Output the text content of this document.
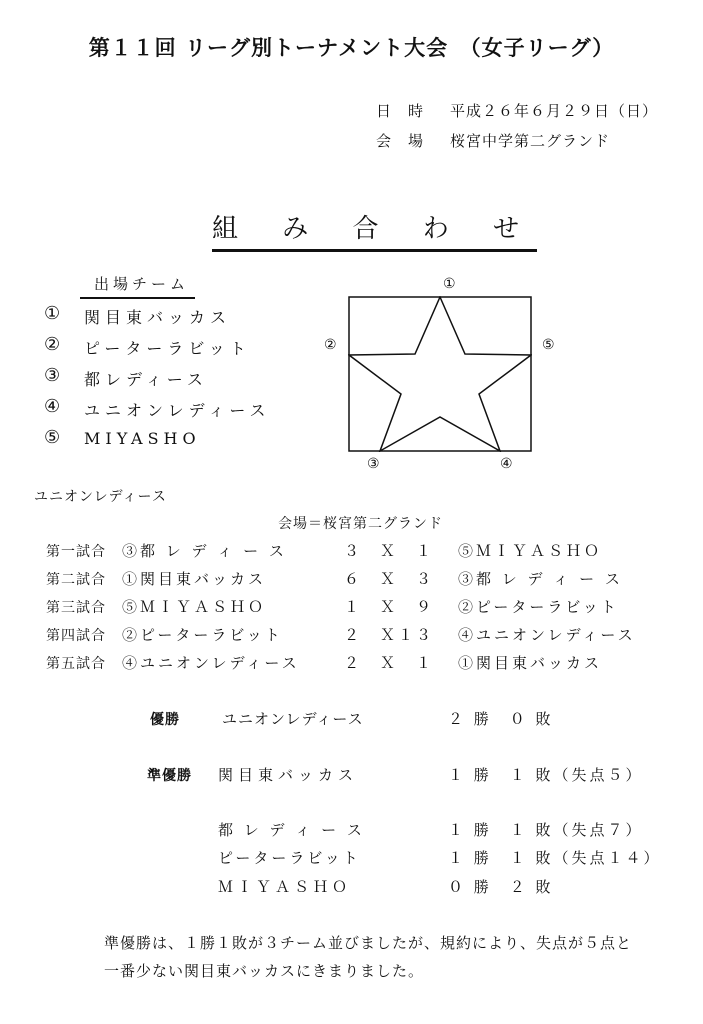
第１１回 リーグ別トーナメント大会　（女子リーグ）
日　時 平成２６年６月２９日（日）
会　場 桜宮中学第二グランド
組 み 合 わ せ
出場チーム
① 関目東バッカス
② ピーターラビット
③ 都レディース
④ ユニオンレディース
⑤ MIYASHO
①
②	⑤
③	④
ユニオンレディース
会場＝桜宮第二グランド
第一試合 ③都 レ デ ィ ー ス	３　Ｘ　１ ⑤ＭＩＹＡＳＨＯ
第二試合 ①関目東バッカス	６　Ｘ　３ ③都 レ デ ィ ー ス
第三試合 ⑤ＭＩＹＡＳＨＯ	１　Ｘ　９ ②ピーターラビット
第四試合 ②ピーターラビット	２　Ｘ１３ ④ユニオンレディース
第五試合 ④ユニオンレディース	２　Ｘ　１ ①関目東バッカス
優勝	ユニオンレディース	２ 勝　０ 敗
準優勝 関目東バッカス	１ 勝　１ 敗（失点５）
都 レ デ ィ ー ス	１ 勝　１ 敗（失点７）
ピーターラビット	１ 勝　１ 敗（失点１４）
ＭＩＹＡＳＨＯ	０ 勝　２ 敗
準優勝は、１勝１敗が３チーム並びましたが、規約により、失点が５点と
一番少ない関目東バッカスにきまりました。
